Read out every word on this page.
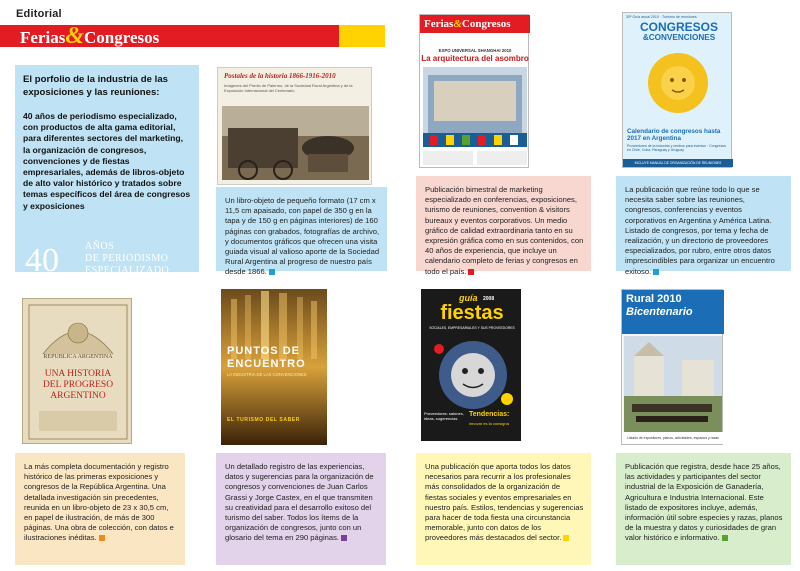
Editorial
Ferias&Congresos
El porfolio de la industria de las exposiciones y las reuniones:
40 años de periodismo especializado, con productos de alta gama editorial, para diferentes sectores del marketing, la organización de congresos, convenciones y de fiestas empresariales, además de libros-objeto de alto valor histórico y tratados sobre temas específicos del área de congresos y exposiciones
40	AÑOS
DE PERIODISMO
ESPECIALIZADO
Postales de la historia 1866-1916-2010
Imágenes del Predio de Palermo, de la Sociedad Rural Argentina y de la Exposición Internacional del Centenario
Ferias&Congresos
EXPO UNIVERSAL SHANGHAI 2010
La arquitectura del asombro
30ª Guía anual 2010 · Turismo de reuniones
CONGRESOS
&CONVENCIONES
Calendario de congresos hasta 2017 en Argentina
Proveedores de la industria y centros para eventos · Congresos en Chile, Cuba, Paraguay y Uruguay
INCLUYE MANUAL DE ORGANIZACIÓN DE REUNIONES
REPÚBLICA ARGENTINA
UNA HISTORIA
DEL PROGRESO
ARGENTINO
PUNTOS DE
ENCUENTRO
LA INDUSTRIA DE LAS CONVENCIONES
EL TURISMO DEL SABER
guía 2008
fiestas
SOCIALES, EMPRESARIALES Y SUS PROVEEDORES
Proveedores: salones, ideas, sugerencias
Tendencias:
innovar es la consigna
Rural 2010
Bicentenario
Listado de expositores, planos, actividades, espacios y razas
Un libro-objeto de pequeño formato (17 cm x 11,5 cm apaisado, con papel de 350 g en la tapa y de 150 g en páginas interiores) de 160 páginas con grabados, fotografías de archivo, y documentos gráficos que ofrecen una visita guiada visual al valioso aporte de la Sociedad Rural Argentina al progreso de nuestro país desde 1866.
Publicación bimestral de marketing especializado en conferencias, exposiciones, turismo de reuniones, convention & visitors bureaux y eventos corporativos. Un medio gráfico de calidad extraordinaria tanto en su expresión gráfica como en sus contenidos, con 40 años de experiencia, que incluye un calendario completo de ferias y congresos en todo el país.
La publicación que reúne todo lo que se necesita saber sobre las reuniones, congresos, conferencias y eventos corporativos en Argentina y América Latina. Listado de congresos, por tema y fecha de realización, y un directorio de proveedores especializados, por rubro, entre otros datos imprescindibles para organizar un encuentro exitoso.
La más completa documentación y registro histórico de las primeras exposiciones y congresos de la República Argentina. Una detallada investigación sin precedentes, reunida en un libro-objeto de 23 x 30,5 cm, en papel de ilustración, de más de 300 páginas. Una obra de colección, con datos e ilustraciones inéditas.
Un detallado registro de las experiencias, datos y sugerencias para la organización de congresos y convenciones de Juan Carlos Grassi y Jorge Castex, en el que transmiten su creatividad para el desarrollo exitoso del turismo del saber. Todos los ítems de la organización de congresos, junto con un glosario del tema en 290 páginas.
Una publicación que aporta todos los datos necesarios para recurrir a los profesionales más consolidados de la organización de fiestas sociales y eventos empresariales en nuestro país. Estilos, tendencias y sugerencias para hacer de toda fiesta una circunstancia memorable, junto con datos de los proveedores más destacados del sector.
Publicación que registra, desde hace 25 años, las actividades y participantes del sector industrial de la Exposición de Ganadería, Agricultura e Industria Internacional. Este listado de expositores incluye, además, información útil sobre especies y razas, planos de la muestra y datos y curiosidades de gran valor histórico e informativo.
